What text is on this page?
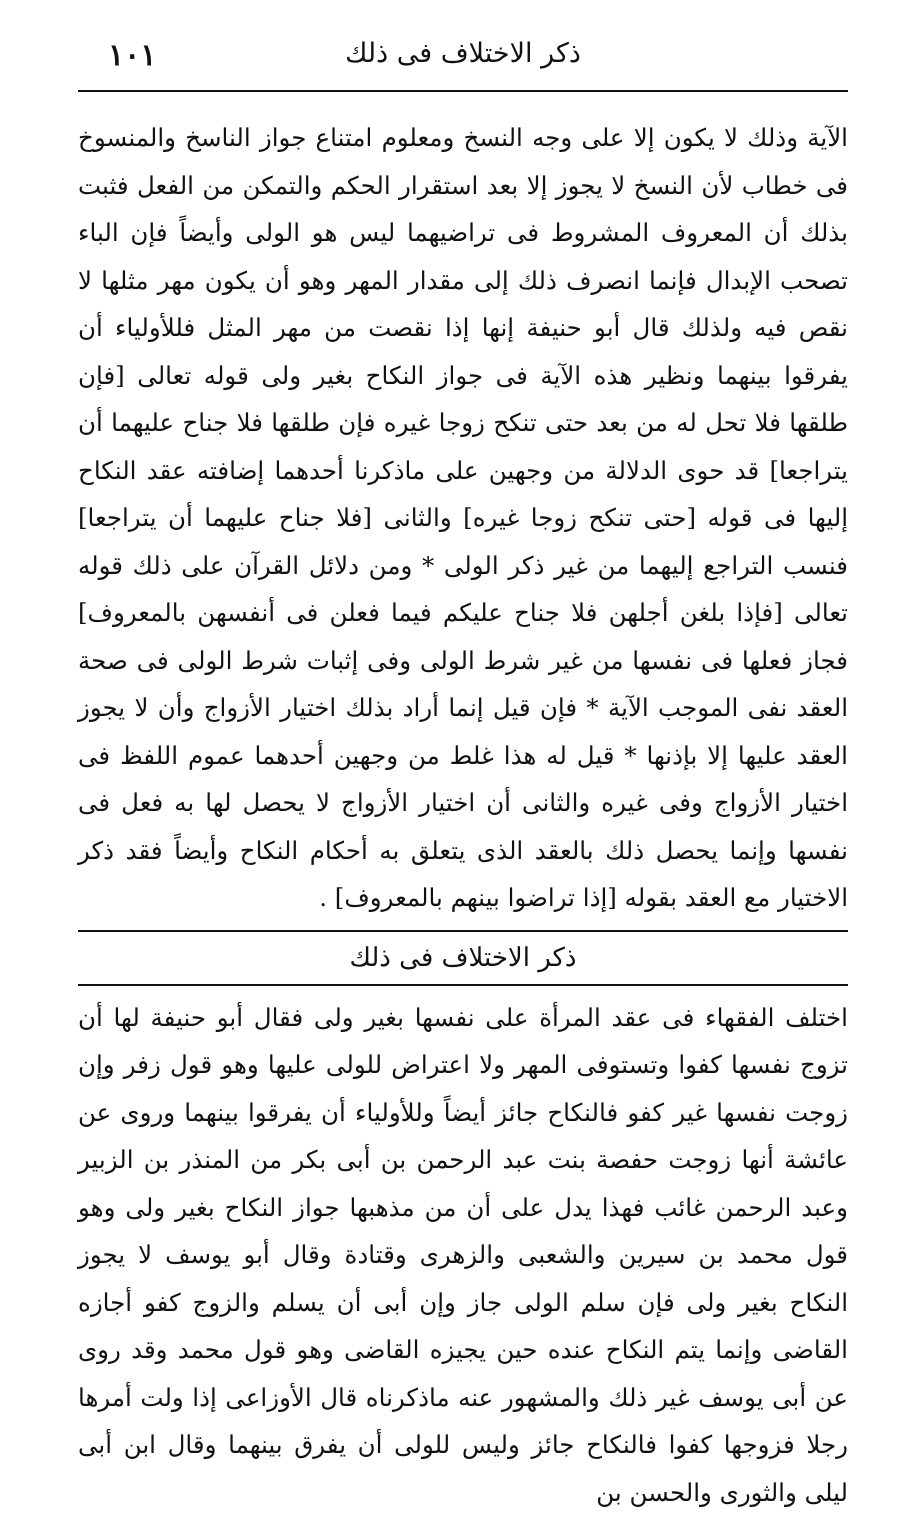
ذكر الاختلاف فى ذلك
١٠١

الآية وذلك لا يكون إلا على وجه النسخ ومعلوم امتناع جواز الناسخ والمنسوخ فى خطاب لأن النسخ لا يجوز إلا بعد استقرار الحكم والتمكن من الفعل فثبت بذلك أن المعروف المشروط فى تراضيهما ليس هو الولى وأيضاً فإن الباء تصحب الإبدال فإنما انصرف ذلك إلى مقدار المهر وهو أن يكون مهر مثلها لا نقص فيه ولذلك قال أبو حنيفة إنها إذا نقصت من مهر المثل فللأولياء أن يفرقوا بينهما ونظير هذه الآية فى جواز النكاح بغير ولى قوله تعالى [فإن طلقها فلا تحل له من بعد حتى تنكح زوجا غيره فإن طلقها فلا جناح عليهما أن يتراجعا] قد حوى الدلالة من وجهين على ماذكرنا أحدهما إضافته عقد النكاح إليها فى قوله [حتى تنكح زوجا غيره] والثانى [فلا جناح عليهما أن يتراجعا] فنسب التراجع إليهما من غير ذكر الولى * ومن دلائل القرآن على ذلك قوله تعالى [فإذا بلغن أجلهن فلا جناح عليكم فيما فعلن فى أنفسهن بالمعروف] فجاز فعلها فى نفسها من غير شرط الولى وفى إثبات شرط الولى فى صحة العقد نفى الموجب الآية * فإن قيل إنما أراد بذلك اختيار الأزواج وأن لا يجوز العقد عليها إلا بإذنها * قيل له هذا غلط من وجهين أحدهما عموم اللفظ فى اختيار الأزواج وفى غيره والثانى أن اختيار الأزواج لا يحصل لها به فعل فى نفسها وإنما يحصل ذلك بالعقد الذى يتعلق به أحكام النكاح وأيضاً فقد ذكر الاختيار مع العقد بقوله [إذا تراضوا بينهم بالمعروف] .

ذكر الاختلاف فى ذلك

اختلف الفقهاء فى عقد المرأة على نفسها بغير ولى فقال أبو حنيفة لها أن تزوج نفسها كفوا وتستوفى المهر ولا اعتراض للولى عليها وهو قول زفر وإن زوجت نفسها غير كفو فالنكاح جائز أيضاً وللأولياء أن يفرقوا بينهما وروى عن عائشة أنها زوجت حفصة بنت عبد الرحمن بن أبى بكر من المنذر بن الزبير وعبد الرحمن غائب فهذا يدل على أن من مذهبها جواز النكاح بغير ولى وهو قول محمد بن سيرين والشعبى والزهرى وقتادة وقال أبو يوسف لا يجوز النكاح بغير ولى فإن سلم الولى جاز وإن أبى أن يسلم والزوج كفو أجازه القاضى وإنما يتم النكاح عنده حين يجيزه القاضى وهو قول محمد وقد روى عن أبى يوسف غير ذلك والمشهور عنه ماذكرناه قال الأوزاعى إذا ولت أمرها رجلا فزوجها كفوا فالنكاح جائز وليس للولى أن يفرق بينهما وقال ابن أبى ليلى والثورى والحسن بن
